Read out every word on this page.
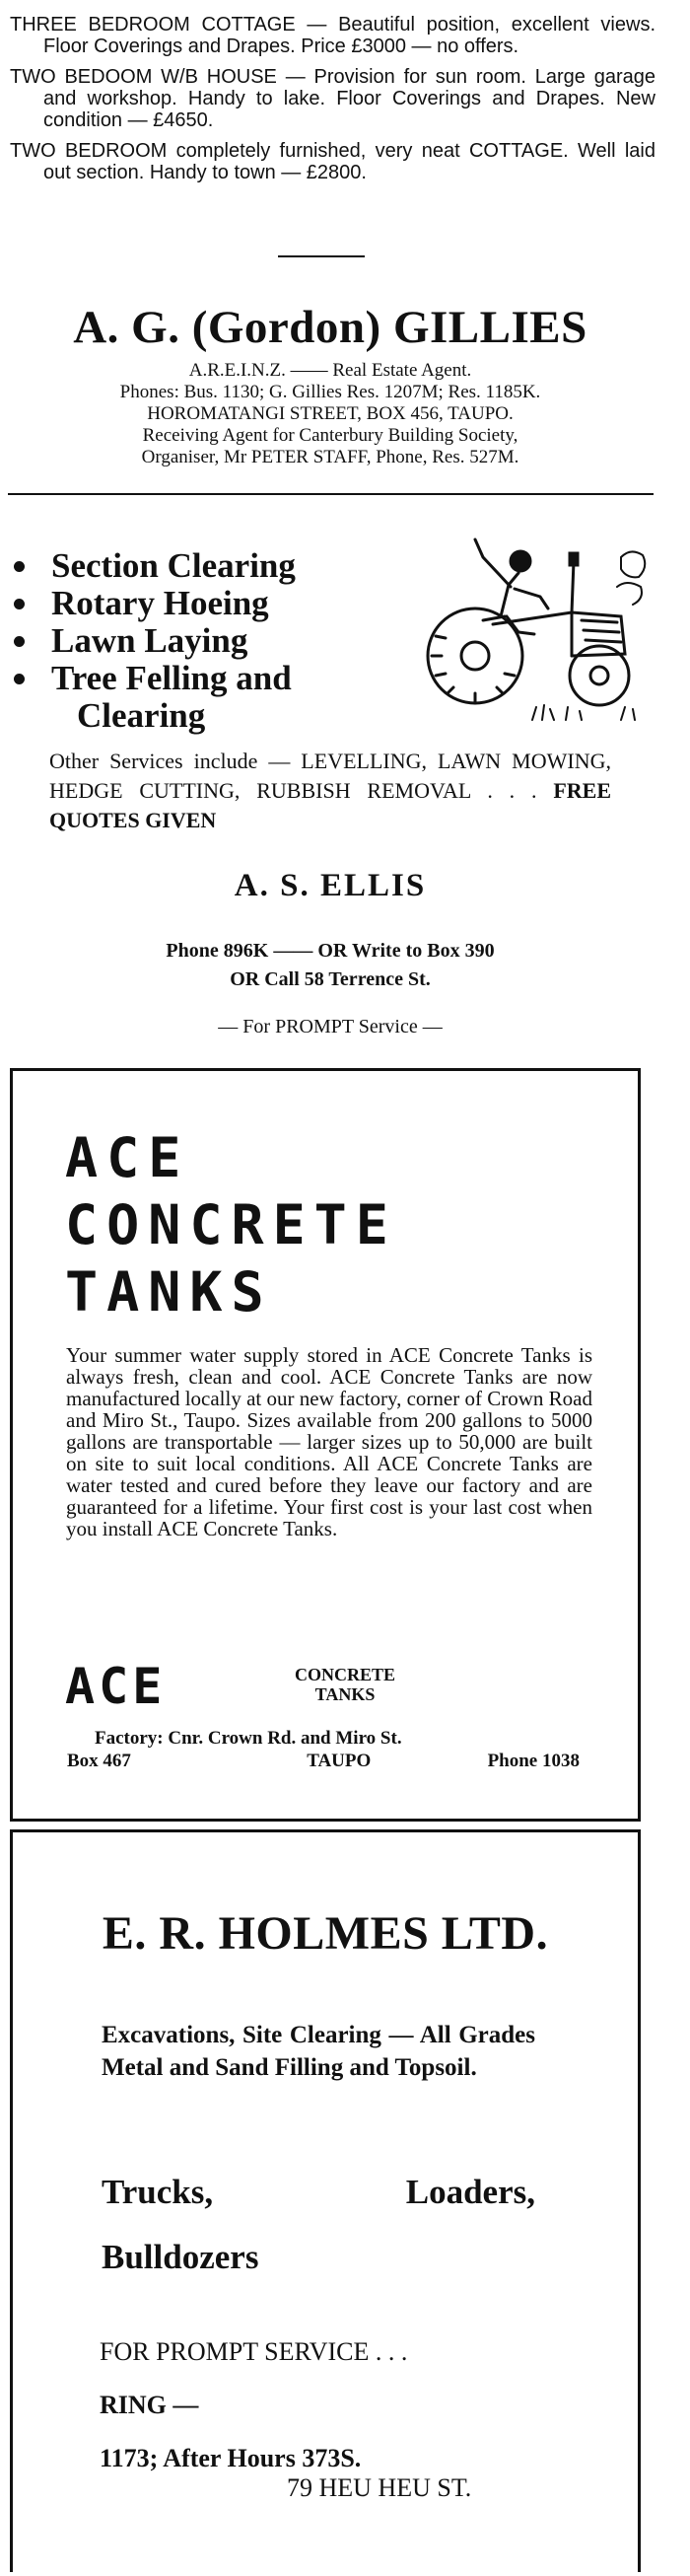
THREE BEDROOM COTTAGE — Beautiful position, excellent views. Floor Coverings and Drapes. Price £3000 — no offers.
TWO BEDOOM W/B HOUSE — Provision for sun room. Large garage and workshop. Handy to lake. Floor Coverings and Drapes. New condition — £4650.
TWO BEDROOM completely furnished, very neat COTTAGE. Well laid out section. Handy to town — £2800.
A. G. (Gordon) GILLIES
A.R.E.I.N.Z. —— Real Estate Agent.
Phones: Bus. 1130; G. Gillies Res. 1207M; Res. 1185K.
HOROMATANGI STREET, BOX 456, TAUPO.
Receiving Agent for Canterbury Building Society,
Organiser, Mr PETER STAFF, Phone, Res. 527M.
Section Clearing
Rotary Hoeing
Lawn Laying
Tree Felling and
Clearing
Other Services include — LEVELLING, LAWN MOWING, HEDGE CUTTING, RUBBISH REMOVAL . . . FREE QUOTES GIVEN
A. S. ELLIS
Phone 896K —— OR Write to Box 390
OR Call 58 Terrence St.
— For PROMPT Service —
ACE
CONCRETE
TANKS
Your summer water supply stored in ACE Concrete Tanks is always fresh, clean and cool. ACE Concrete Tanks are now manufactured locally at our new factory, corner of Crown Road and Miro St., Taupo. Sizes available from 200 gallons to 5000 gallons are transportable — larger sizes up to 50,000 are built on site to suit local conditions. All ACE Concrete Tanks are water tested and cured before they leave our factory and are guaranteed for a lifetime. Your first cost is your last cost when you install ACE Concrete Tanks.
ACE	CONCRETE
TANKS
Factory: Cnr. Crown Rd. and Miro St.
Box 467	TAUPO	Phone 1038
E. R. HOLMES LTD.
Excavations, Site Clearing — All Grades Metal and Sand Filling and Topsoil.
Trucks,	Loaders,
Bulldozers
FOR PROMPT SERVICE . . .
RING —
1173; After Hours 373S.
79 HEU HEU ST.
